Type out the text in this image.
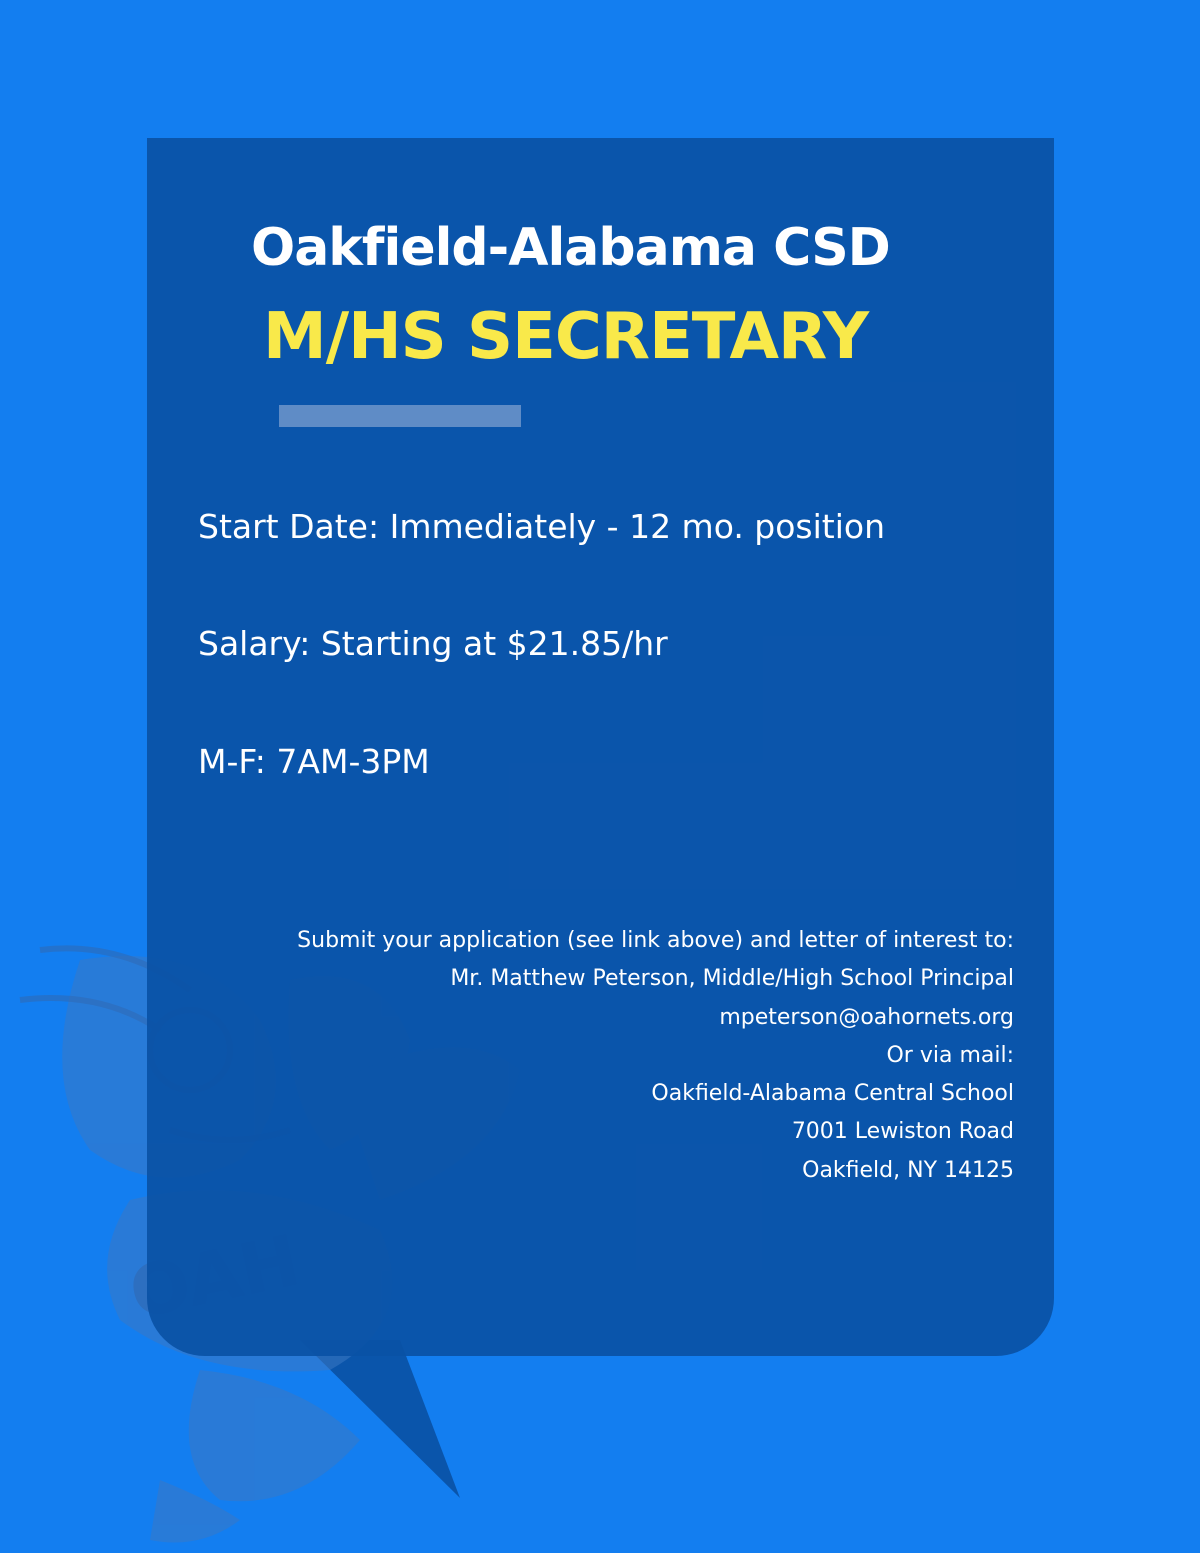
Oakfield-Alabama CSD
M/HS SECRETARY
Start Date: Immediately - 12 mo. position
Salary: Starting at $21.85/hr
M-F: 7AM-3PM
Submit your application (see link above) and letter of interest to:
Mr. Matthew Peterson, Middle/High School Principal
mpeterson@oahornets.org
Or via mail:
Oakfield-Alabama Central School
7001 Lewiston Road
Oakfield, NY 14125
